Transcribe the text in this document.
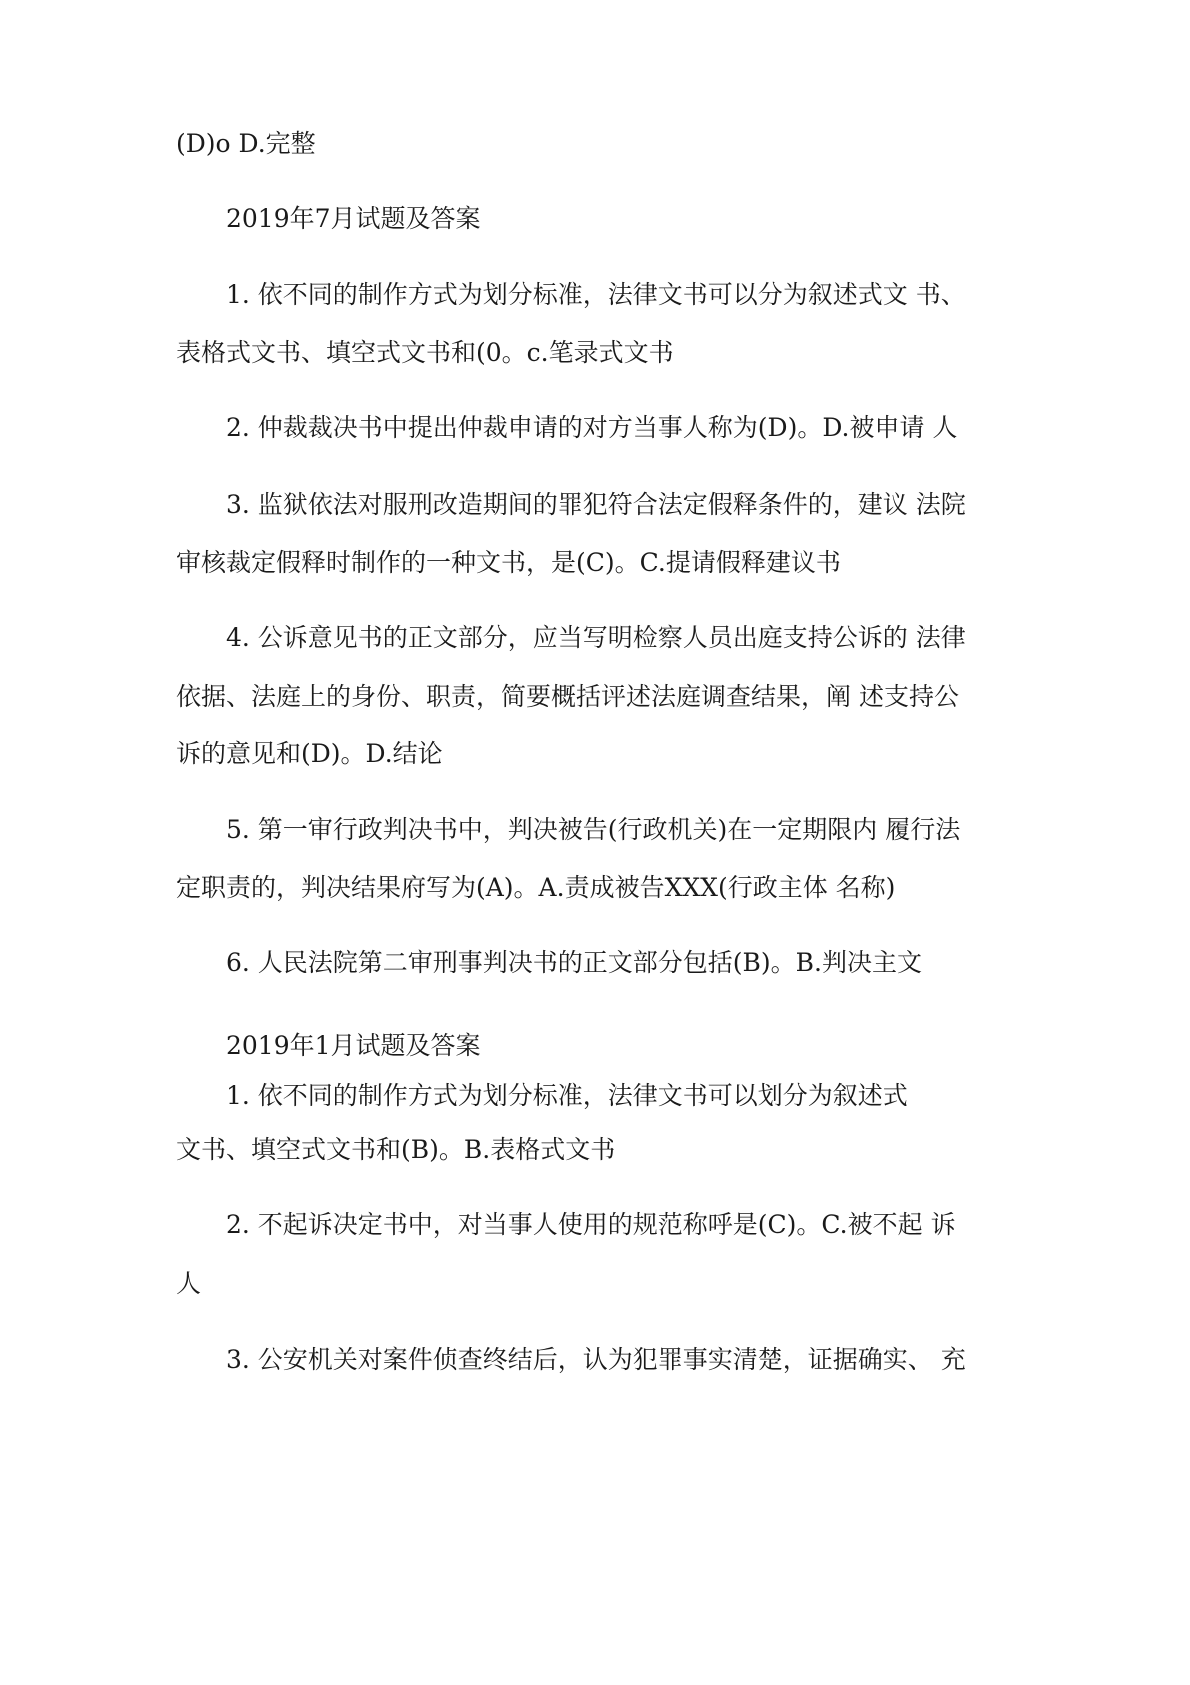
(D)o D.完整
2019年7月试题及答案
1. 依不同的制作方式为划分标准，法律文书可以分为叙述式文 书、
表格式文书、填空式文书和(0。c.笔录式文书
2. 仲裁裁决书中提出仲裁申请的对方当事人称为(D)。D.被申请 人
3. 监狱依法对服刑改造期间的罪犯符合法定假释条件的，建议 法院
审核裁定假释时制作的一种文书，是(C)。C.提请假释建议书
4. 公诉意见书的正文部分，应当写明检察人员出庭支持公诉的 法律
依据、法庭上的身份、职责，简要概括评述法庭调查结果，阐 述支持公
诉的意见和(D)。D.结论
5. 第一审行政判决书中，判决被告(行政机关)在一定期限内 履行法
定职责的，判决结果府写为(A)。A.责成被告XXX(行政主体 名称)
6. 人民法院第二审刑事判决书的正文部分包括(B)。B.判决主文
2019年1月试题及答案
1. 依不同的制作方式为划分标准，法律文书可以划分为叙述式
文书、填空式文书和(B)。B.表格式文书
2. 不起诉决定书中，对当事人使用的规范称呼是(C)。C.被不起 诉
人
3. 公安机关对案件侦查终结后，认为犯罪事实清楚，证据确实、 充
